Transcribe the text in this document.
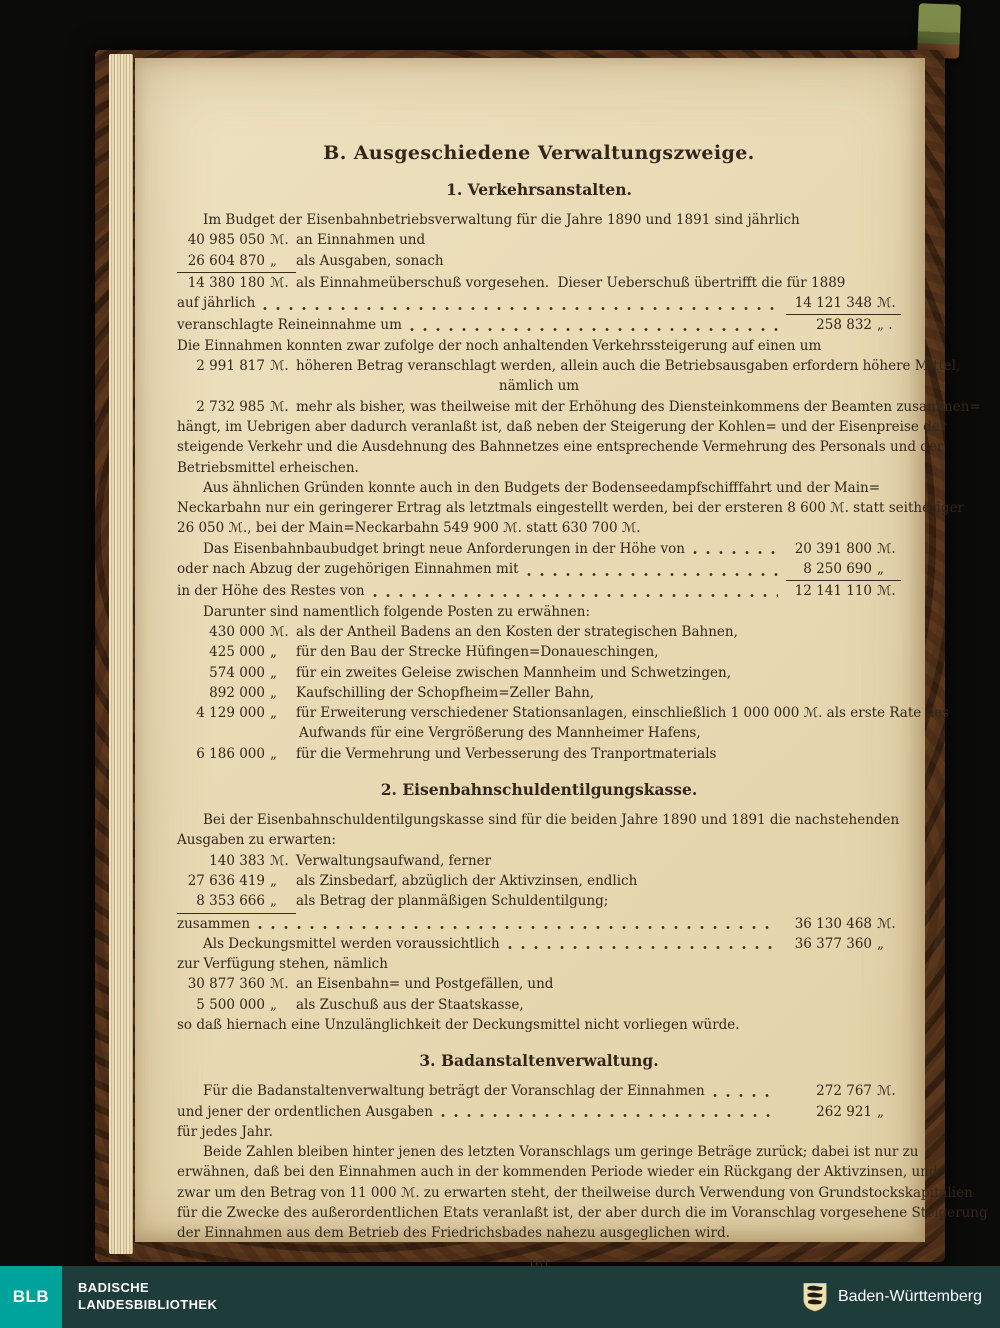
B. Ausgeschiedene Verwaltungszweige.
1. Verkehrsanstalten.
Im Budget der Eisenbahnbetriebsverwaltung für die Jahre 1890 und 1891 sind jährlich
40 985 050 ℳ. an Einnahmen und
26 604 870 „	als Ausgaben, sonach
14 380 180 ℳ. als Einnahmeüberschuß vorgesehen.  Dieser Ueberschuß übertrifft die für 1889
auf jährlich	14 121 348 ℳ.
veranschlagte Reineinnahme um	258 832 „ .
Die Einnahmen konnten zwar zufolge der noch anhaltenden Verkehrssteigerung auf einen um
2 991 817 ℳ. höheren Betrag veranschlagt werden, allein auch die Betriebsausgaben erfordern höhere Mittel,
nämlich um
2 732 985 ℳ. mehr als bisher, was theilweise mit der Erhöhung des Diensteinkommens der Beamten zusammen=
hängt, im Uebrigen aber dadurch veranlaßt ist, daß neben der Steigerung der Kohlen= und der Eisenpreise der
steigende Verkehr und die Ausdehnung des Bahnnetzes eine entsprechende Vermehrung des Personals und der
Betriebsmittel erheischen.
Aus ähnlichen Gründen konnte auch in den Budgets der Bodenseedampfschifffahrt und der Main=
Neckarbahn nur ein geringerer Ertrag als letztmals eingestellt werden, bei der ersteren 8 600 ℳ. statt seitheriger
26 050 ℳ., bei der Main=Neckarbahn 549 900 ℳ. statt 630 700 ℳ.
Das Eisenbahnbaubudget bringt neue Anforderungen in der Höhe von	20 391 800 ℳ.
oder nach Abzug der zugehörigen Einnahmen mit	8 250 690 „
in der Höhe des Restes von	12 141 110 ℳ.
Darunter sind namentlich folgende Posten zu erwähnen:
430 000 ℳ. als der Antheil Badens an den Kosten der strategischen Bahnen,
425 000 „	für den Bau der Strecke Hüfingen=Donaueschingen,
574 000 „	für ein zweites Geleise zwischen Mannheim und Schwetzingen,
892 000 „	Kaufschilling der Schopfheim=Zeller Bahn,
4 129 000 „	für Erweiterung verschiedener Stationsanlagen, einschließlich 1 000 000 ℳ. als erste Rate des
Aufwands für eine Vergrößerung des Mannheimer Hafens,
6 186 000 „	für die Vermehrung und Verbesserung des Tranportmaterials
2. Eisenbahnschuldentilgungskasse.
Bei der Eisenbahnschuldentilgungskasse sind für die beiden Jahre 1890 und 1891 die nachstehenden
Ausgaben zu erwarten:
140 383 ℳ. Verwaltungsaufwand, ferner
27 636 419 „	als Zinsbedarf, abzüglich der Aktivzinsen, endlich
8 353 666 „	als Betrag der planmäßigen Schuldentilgung;
zusammen	36 130 468 ℳ.
Als Deckungsmittel werden voraussichtlich	36 377 360 „
zur Verfügung stehen, nämlich
30 877 360 ℳ. an Eisenbahn= und Postgefällen, und
5 500 000 „	als Zuschuß aus der Staatskasse,
so daß hiernach eine Unzulänglichkeit der Deckungsmittel nicht vorliegen würde.
3. Badanstaltenverwaltung.
Für die Badanstaltenverwaltung beträgt der Voranschlag der Einnahmen	272 767 ℳ.
und jener der ordentlichen Ausgaben	262 921 „
für jedes Jahr.
Beide Zahlen bleiben hinter jenen des letzten Voranschlags um geringe Beträge zurück; dabei ist nur zu
erwähnen, daß bei den Einnahmen auch in der kommenden Periode wieder ein Rückgang der Aktivzinsen, und
zwar um den Betrag von 11 000 ℳ. zu erwarten steht, der theilweise durch Verwendung von Grundstockskapitalien
für die Zwecke des außerordentlichen Etats veranlaßt ist, der aber durch die im Voranschlag vorgesehene Steigerung
der Einnahmen aus dem Betrieb des Friedrichsbades nahezu ausgeglichen wird.
BLB BADISCHE
LANDESBIBLIOTHEK	Baden-Württemberg
